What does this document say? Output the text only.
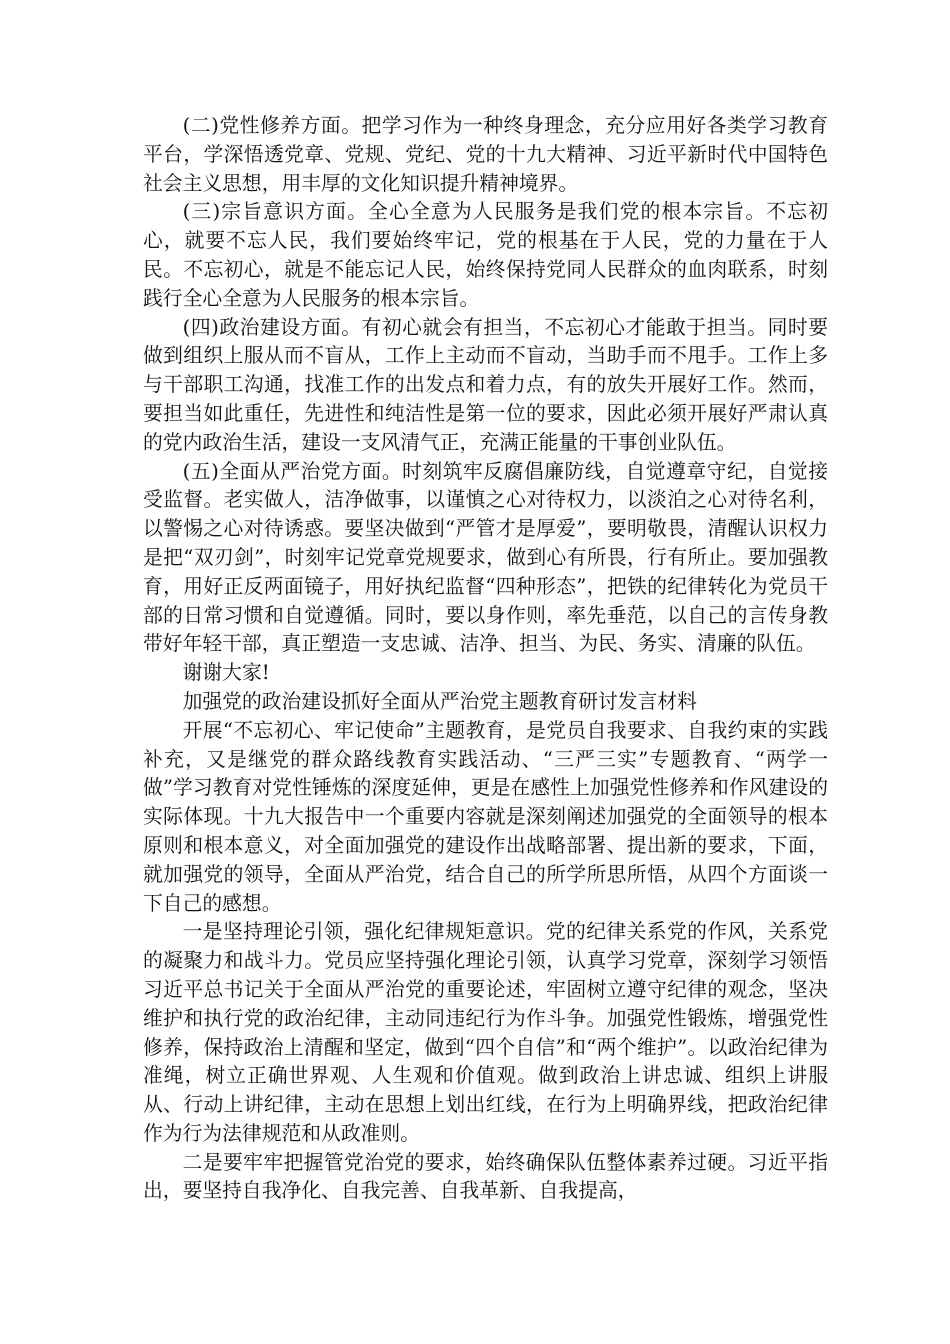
(二)党性修养方面。把学习作为一种终身理念，充分应用好各类学习教育平台，学深悟透党章、党规、党纪、党的十九大精神、习近平新时代中国特色社会主义思想，用丰厚的文化知识提升精神境界。

(三)宗旨意识方面。全心全意为人民服务是我们党的根本宗旨。不忘初心，就要不忘人民，我们要始终牢记，党的根基在于人民，党的力量在于人民。不忘初心，就是不能忘记人民，始终保持党同人民群众的血肉联系，时刻践行全心全意为人民服务的根本宗旨。

(四)政治建设方面。有初心就会有担当，不忘初心才能敢于担当。同时要做到组织上服从而不盲从，工作上主动而不盲动，当助手而不甩手。工作上多与干部职工沟通，找准工作的出发点和着力点，有的放失开展好工作。然而，要担当如此重任，先进性和纯洁性是第一位的要求，因此必须开展好严肃认真的党内政治生活，建设一支风清气正，充满正能量的干事创业队伍。

(五)全面从严治党方面。时刻筑牢反腐倡廉防线，自觉遵章守纪，自觉接受监督。老实做人，洁净做事，以谨慎之心对待权力，以淡泊之心对待名利，以警惕之心对待诱惑。要坚决做到“严管才是厚爱”，要明敬畏，清醒认识权力是把“双刃剑”，时刻牢记党章党规要求，做到心有所畏，行有所止。要加强教育，用好正反两面镜子，用好执纪监督“四种形态”，把铁的纪律转化为党员干部的日常习惯和自觉遵循。同时，要以身作则，率先垂范，以自己的言传身教带好年轻干部，真正塑造一支忠诚、洁净、担当、为民、务实、清廉的队伍。

谢谢大家!

加强党的政治建设抓好全面从严治党主题教育研讨发言材料

开展“不忘初心、牢记使命”主题教育，是党员自我要求、自我约束的实践补充，又是继党的群众路线教育实践活动、“三严三实”专题教育、“两学一做”学习教育对党性锤炼的深度延伸，更是在感性上加强党性修养和作风建设的实际体现。十九大报告中一个重要内容就是深刻阐述加强党的全面领导的根本原则和根本意义，对全面加强党的建设作出战略部署、提出新的要求，下面，就加强党的领导，全面从严治党，结合自己的所学所思所悟，从四个方面谈一下自己的感想。

一是坚持理论引领，强化纪律规矩意识。党的纪律关系党的作风，关系党的凝聚力和战斗力。党员应坚持强化理论引领，认真学习党章，深刻学习领悟习近平总书记关于全面从严治党的重要论述，牢固树立遵守纪律的观念，坚决维护和执行党的政治纪律，主动同违纪行为作斗争。加强党性锻炼，增强党性修养，保持政治上清醒和坚定，做到“四个自信”和“两个维护”。以政治纪律为准绳，树立正确世界观、人生观和价值观。做到政治上讲忠诚、组织上讲服从、行动上讲纪律，主动在思想上划出红线，在行为上明确界线，把政治纪律作为行为法律规范和从政准则。

二是要牢牢把握管党治党的要求，始终确保队伍整体素养过硬。习近平指出，要坚持自我净化、自我完善、自我革新、自我提高，
